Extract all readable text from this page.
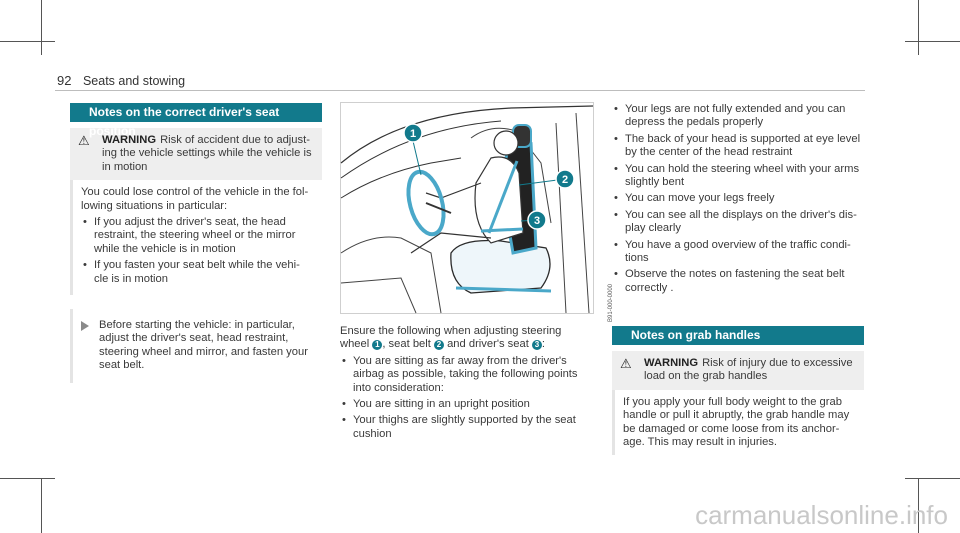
92 Seats and stowing
Notes on the correct driver's seat position
⚠	WARNING Risk of accident due to adjust- ing the vehicle settings while the vehicle is in motion
You could lose control of the vehicle in the fol- lowing situations in particular:
• If you adjust the driver's seat, the head restraint, the steering wheel or the mirror while the vehicle is in motion
• If you fasten your seat belt while the vehi- cle is in motion
Before starting the vehicle: in particular, adjust the driver's seat, head restraint, steering wheel and mirror, and fasten your seat belt.
1
2
3
B91-000-0000
Ensure the following when adjusting steering wheel 1 , seat belt 2 and driver's seat 3 :
• You are sitting as far away from the driver's airbag as possible, taking the following points into consideration:
• You are sitting in an upright position
• Your thighs are slightly supported by the seat cushion
• Your legs are not fully extended and you can depress the pedals properly
• The back of your head is supported at eye level by the center of the head restraint
• You can hold the steering wheel with your arms slightly bent
• You can move your legs freely
• You can see all the displays on the driver's dis- play clearly
• You have a good overview of the traffic condi- tions
• Observe the notes on fastening the seat belt correctly .
Notes on grab handles
⚠	WARNING Risk of injury due to excessive load on the grab handles
If you apply your full body weight to the grab handle or pull it abruptly, the grab handle may be damaged or come loose from its anchor- age. This may result in injuries.
carmanualsonline.info
